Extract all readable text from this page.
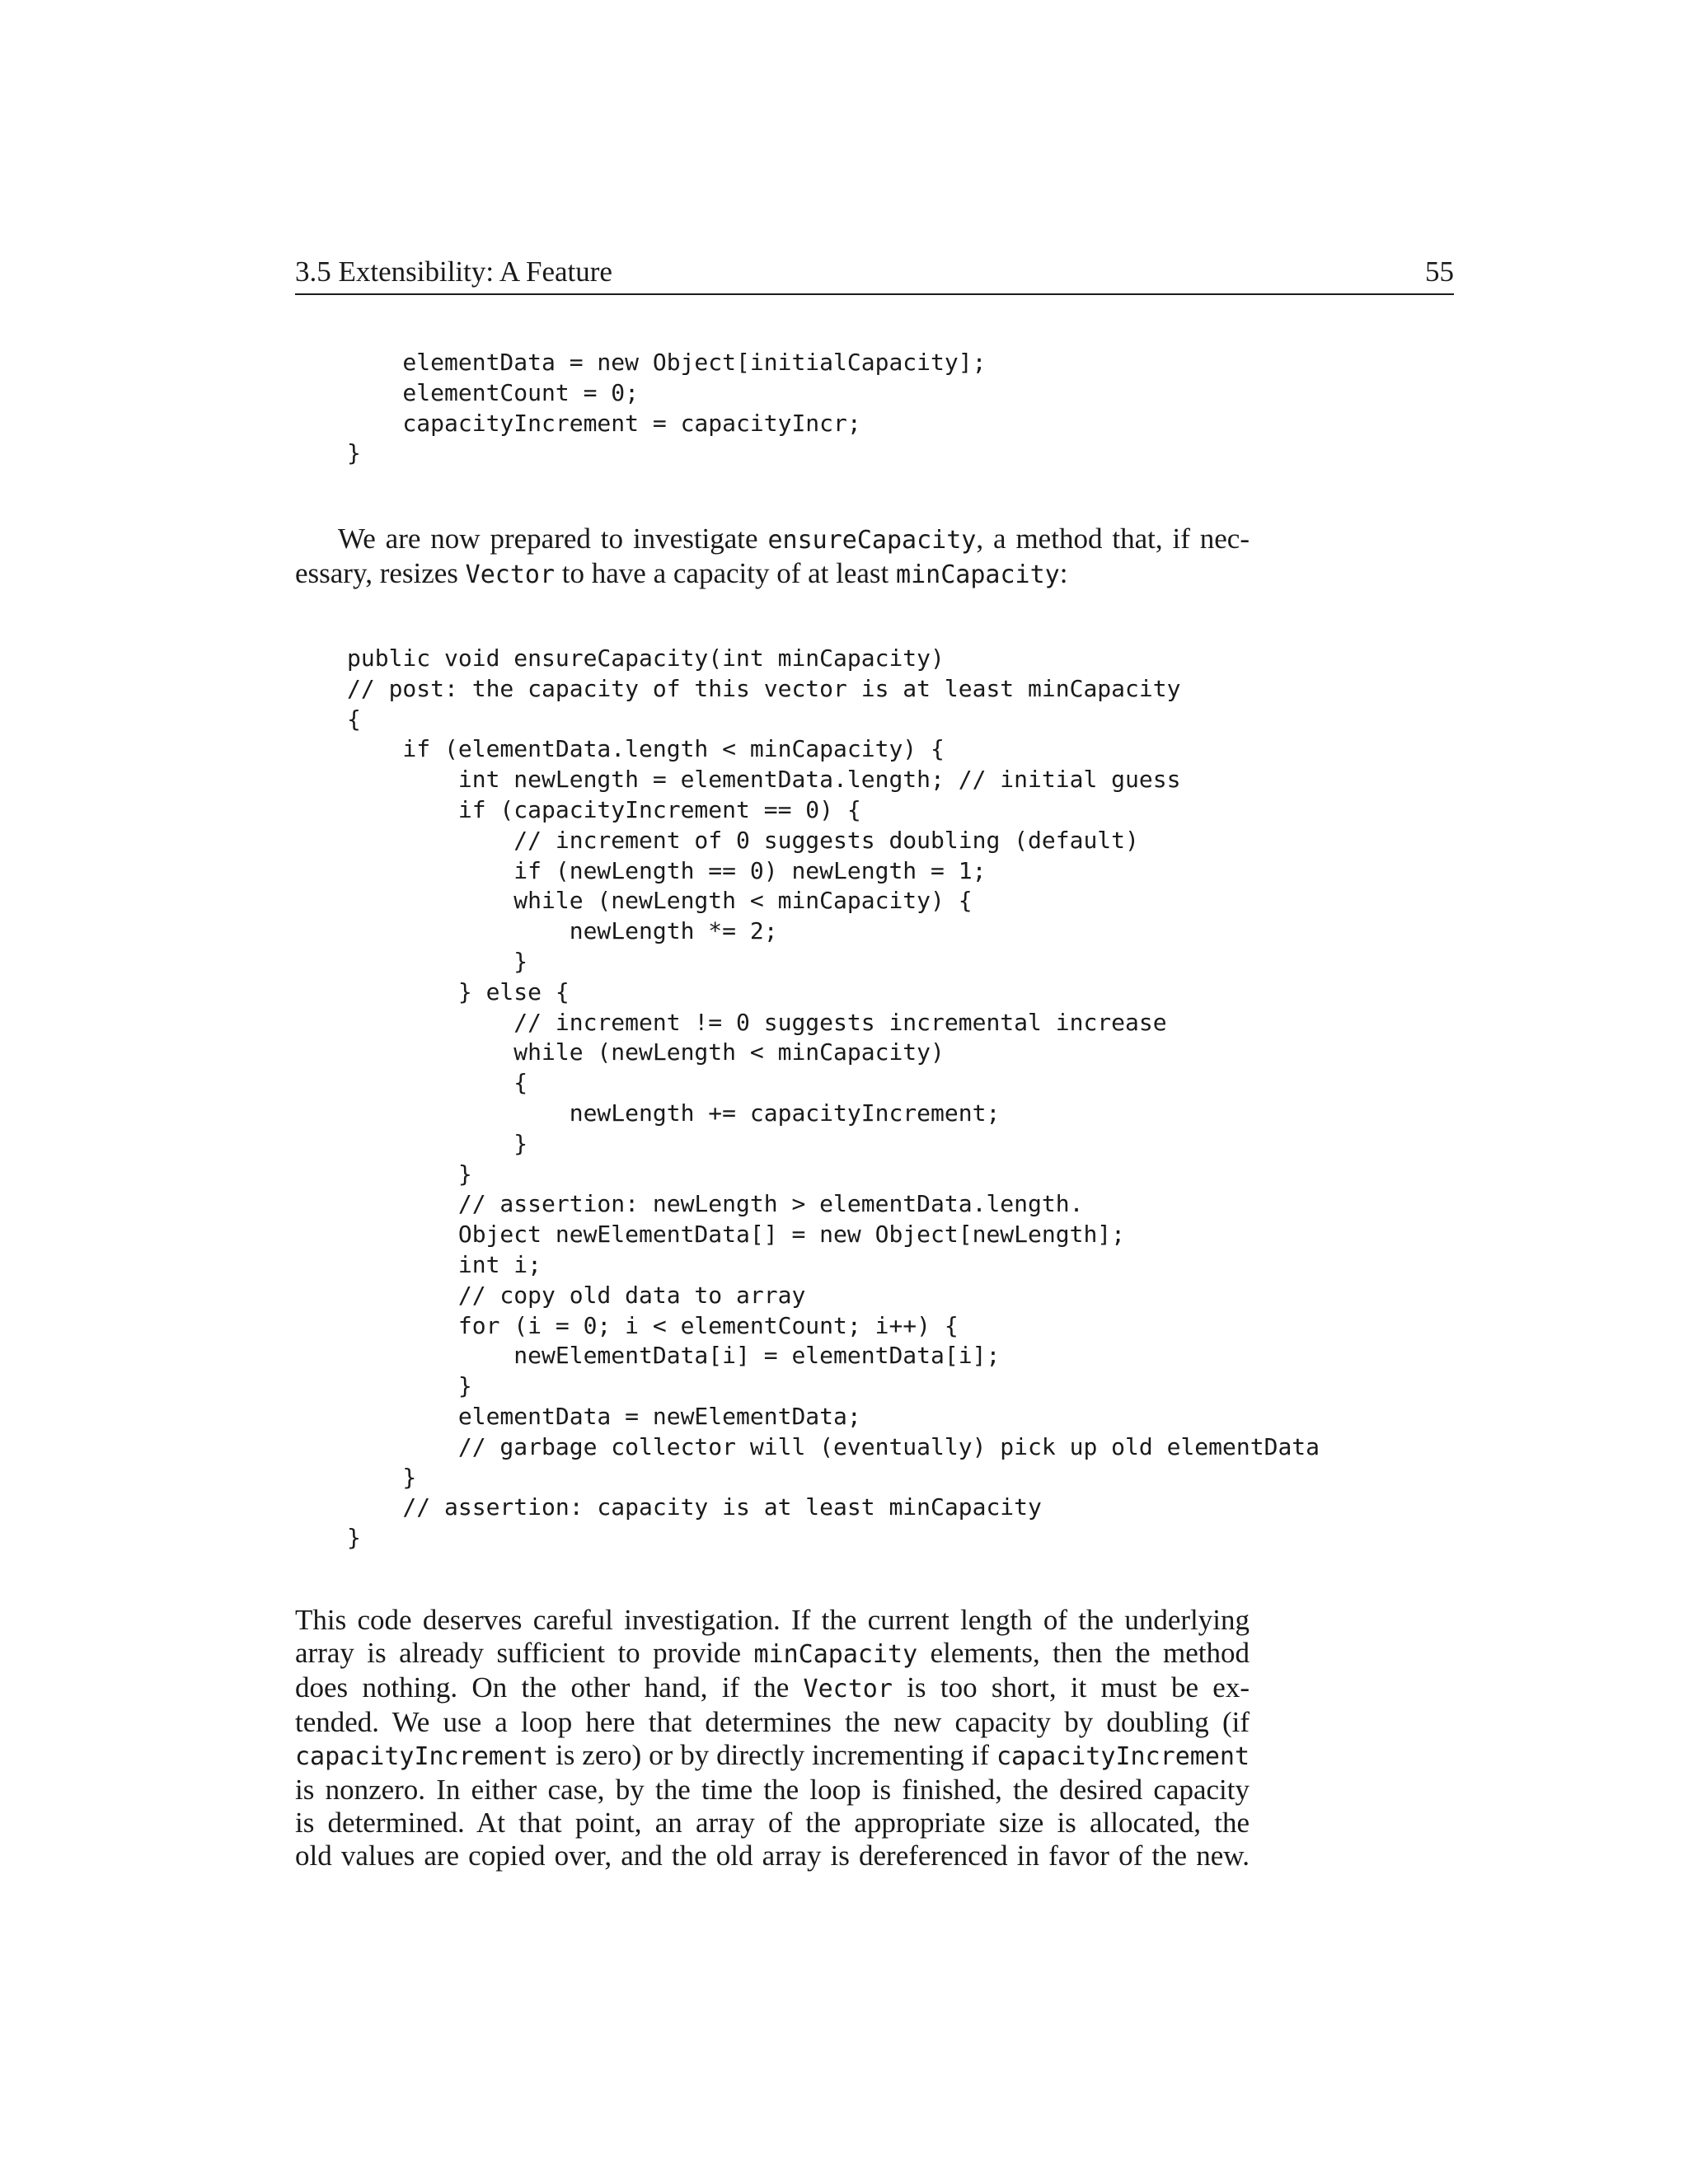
3.5 Extensibility: A Feature	55
elementData = new Object[initialCapacity];
elementCount = 0;
capacityIncrement = capacityIncr;
}

We are now prepared to investigate ensureCapacity, a method that, if nec-
essary, resizes Vector to have a capacity of at least minCapacity:

public void ensureCapacity(int minCapacity)
// post: the capacity of this vector is at least minCapacity
{
if (elementData.length < minCapacity) {
int newLength = elementData.length; // initial guess
if (capacityIncrement == 0) {
// increment of 0 suggests doubling (default)
if (newLength == 0) newLength = 1;
while (newLength < minCapacity) {
newLength *= 2;
}
} else {
// increment != 0 suggests incremental increase
while (newLength < minCapacity)
{
newLength += capacityIncrement;
}
}
// assertion: newLength > elementData.length.
Object newElementData[] = new Object[newLength];
int i;
// copy old data to array
for (i = 0; i < elementCount; i++) {
newElementData[i] = elementData[i];
}
elementData = newElementData;
// garbage collector will (eventually) pick up old elementData
}
// assertion: capacity is at least minCapacity
}

This code deserves careful investigation. If the current length of the underlying
array is already sufficient to provide minCapacity elements, then the method
does nothing. On the other hand, if the Vector is too short, it must be ex-
tended. We use a loop here that determines the new capacity by doubling (if
capacityIncrement is zero) or by directly incrementing if capacityIncrement
is nonzero. In either case, by the time the loop is finished, the desired capacity
is determined. At that point, an array of the appropriate size is allocated, the
old values are copied over, and the old array is dereferenced in favor of the new.
